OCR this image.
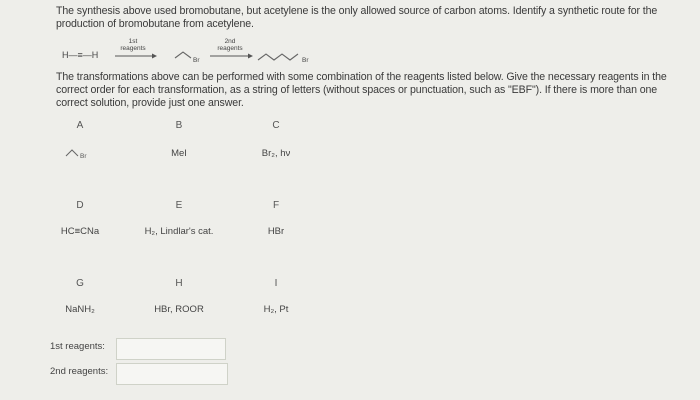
The synthesis above used bromobutane, but acetylene is the only allowed source of carbon atoms. Identify a synthetic route for the production of bromobutane from acetylene.
H—≡—H
1st
reagents
Br
2nd
reagents
Br
The transformations above can be performed with some combination of the reagents listed below. Give the necessary reagents in the correct order for each transformation, as a string of letters (without spaces or punctuation, such as "EBF"). If there is more than one correct solution, provide just one answer.
A
Br
B
MeI
C
Br₂, hν
D
HC≡CNa
E
H₂, Lindlar's cat.
F
HBr
G
NaNH₂
H
HBr, ROOR
I
H₂, Pt
1st reagents:
2nd reagents:
